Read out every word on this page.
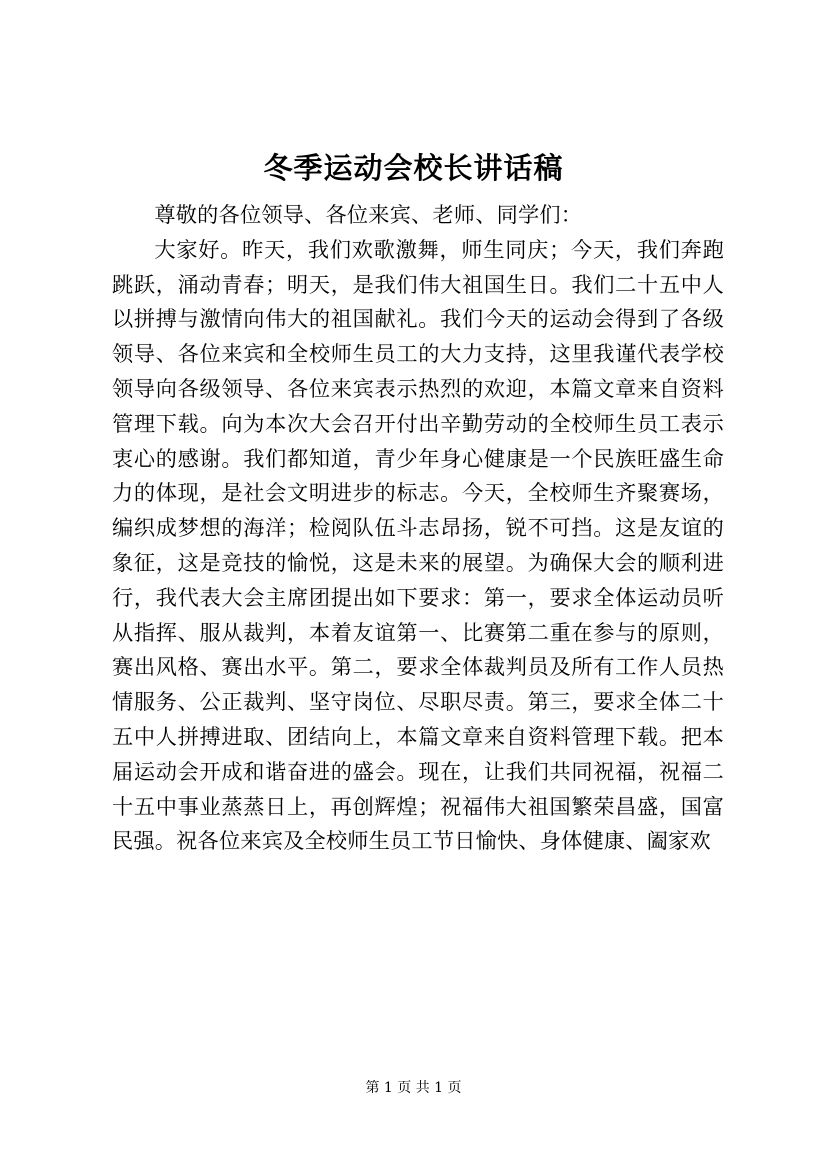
冬季运动会校长讲话稿

尊敬的各位领导、各位来宾、老师、同学们：

大家好。昨天，我们欢歌激舞，师生同庆；今天，我们奔跑跳跃，涌动青春；明天，是我们伟大祖国生日。我们二十五中人以拼搏与激情向伟大的祖国献礼。我们今天的运动会得到了各级领导、各位来宾和全校师生员工的大力支持，这里我谨代表学校领导向各级领导、各位来宾表示热烈的欢迎，本篇文章来自资料管理下载。向为本次大会召开付出辛勤劳动的全校师生员工表示衷心的感谢。我们都知道，青少年身心健康是一个民族旺盛生命力的体现，是社会文明进步的标志。今天，全校师生齐聚赛场，编织成梦想的海洋；检阅队伍斗志昂扬，锐不可挡。这是友谊的象征，这是竞技的愉悦，这是未来的展望。为确保大会的顺利进行，我代表大会主席团提出如下要求：第一，要求全体运动员听从指挥、服从裁判，本着友谊第一、比赛第二重在参与的原则，赛出风格、赛出水平。第二，要求全体裁判员及所有工作人员热情服务、公正裁判、坚守岗位、尽职尽责。第三，要求全体二十五中人拼搏进取、团结向上，本篇文章来自资料管理下载。把本届运动会开成和谐奋进的盛会。现在，让我们共同祝福，祝福二十五中事业蒸蒸日上，再创辉煌；祝福伟大祖国繁荣昌盛，国富民强。祝各位来宾及全校师生员工节日愉快、身体健康、阖家欢

第 1 页 共 1 页
